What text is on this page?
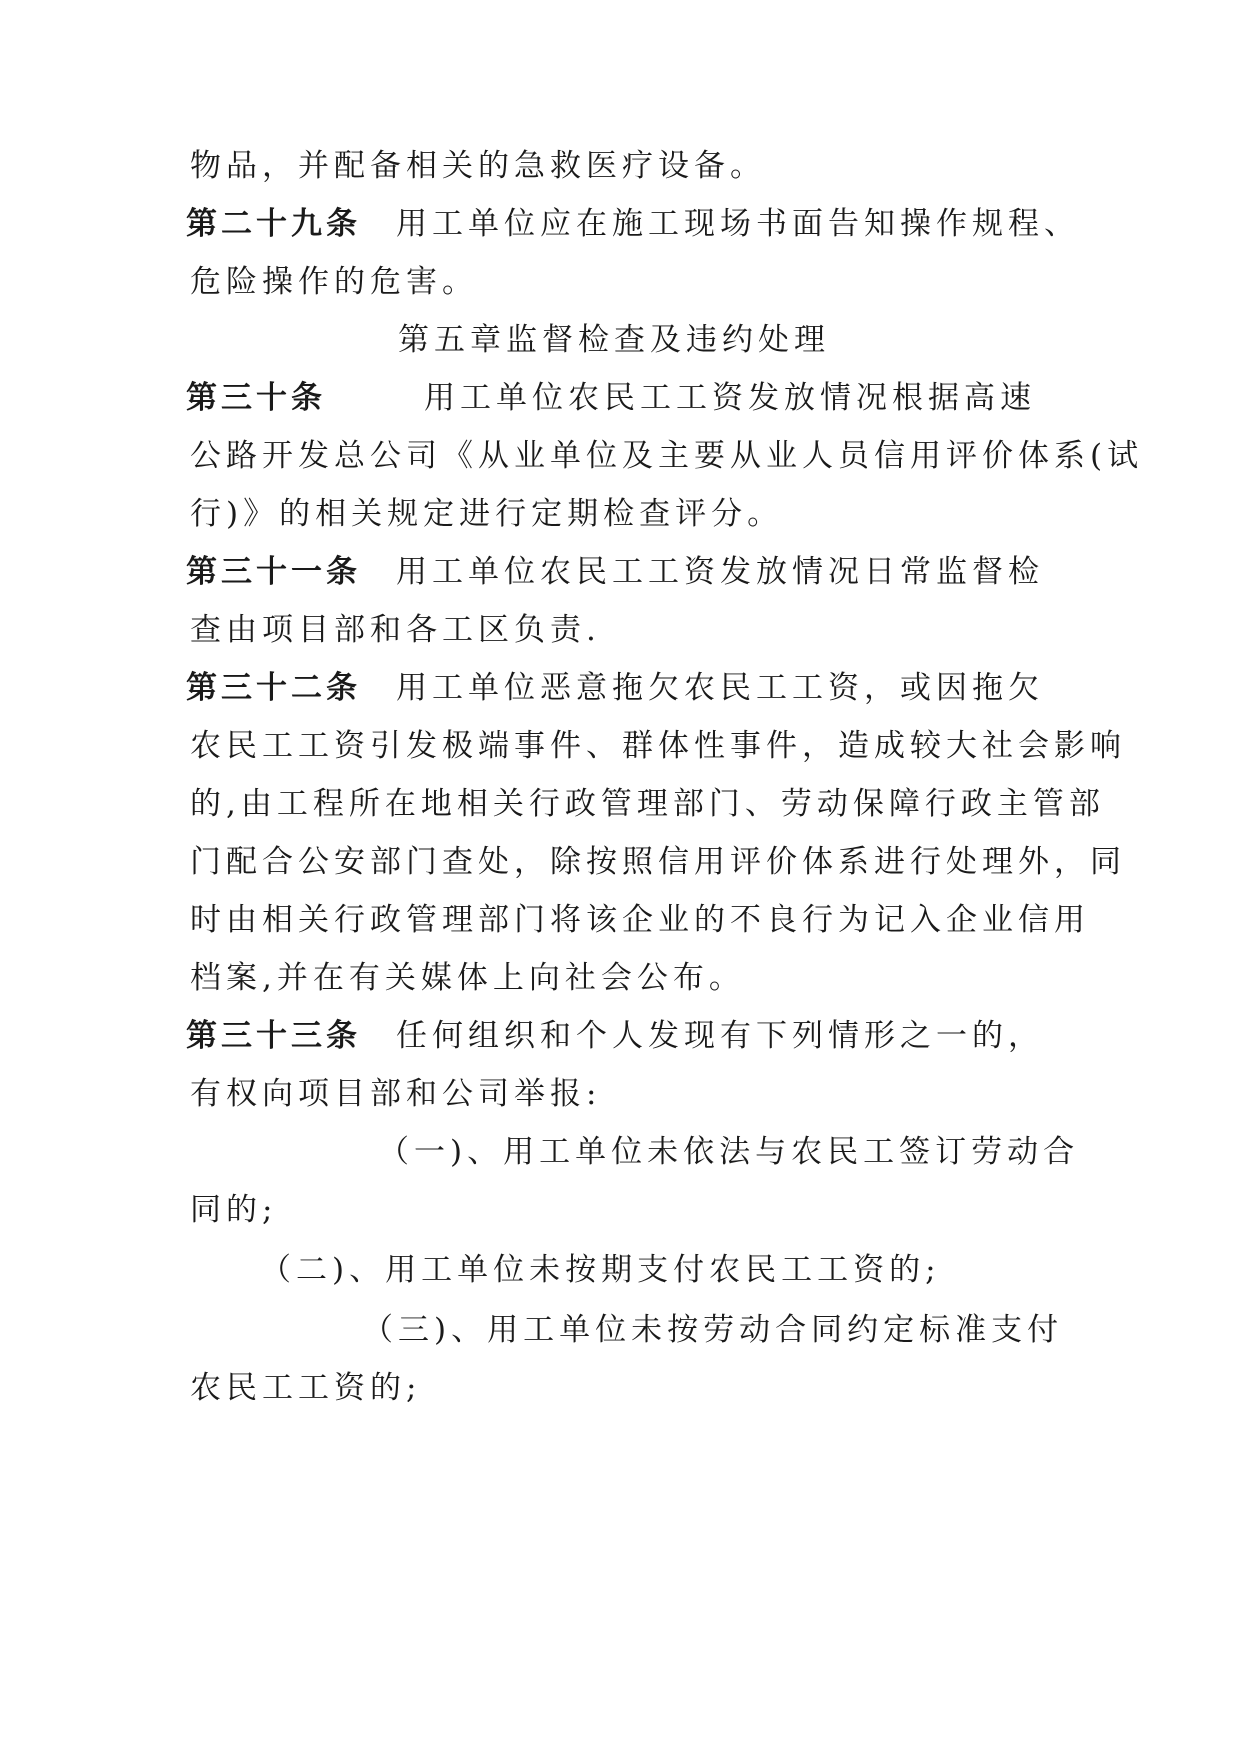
物品，并配备相关的急救医疗设备。
第二十九条 用工单位应在施工现场书面告知操作规程、
危险操作的危害。
第五章 监督检查及违约处理
第三十条	用工单位农民工工资发放情况根据高速
公路开发总公司《从业单位及主要从业人员信用评价体系(试
行)》的相关规定进行定期检查评分。
第三十一条 用工单位农民工工资发放情况日常监督检
查由项目部和各工区负责.
第三十二条 用工单位恶意拖欠农民工工资，或因拖欠
农民工工资引发极端事件、群体性事件，造成较大社会影响
的,由工程所在地相关行政管理部门、劳动保障行政主管部
门配合公安部门查处，除按照信用评价体系进行处理外，同
时由相关行政管理部门将该企业的不良行为记入企业信用
档案,并在有关媒体上向社会公布。
第三十三条 任何组织和个人发现有下列情形之一的，
有权向项目部和公司举报:
（一)、用工单位未依法与农民工签订劳动合
同的;
（二)、用工单位未按期支付农民工工资的;
（三)、用工单位未按劳动合同约定标准支付
农民工工资的;
